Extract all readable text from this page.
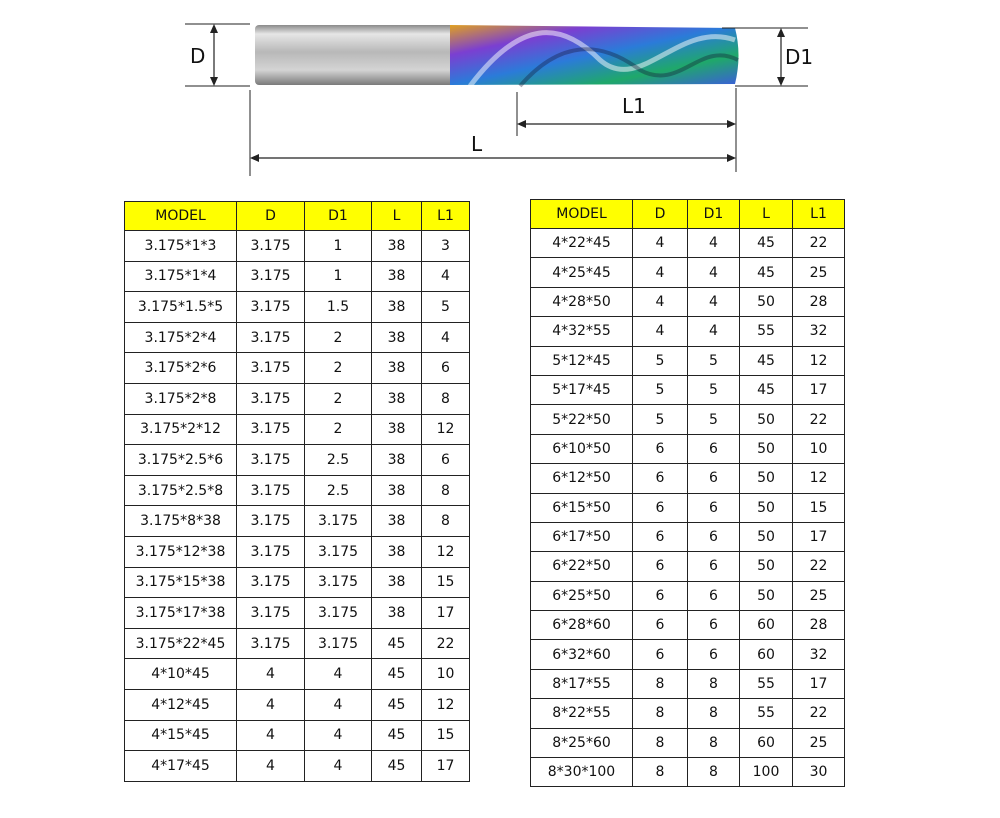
D	D1
L1
L
MODEL	D	D1	L	L1
3.175*1*3	3.175	1	38	3
3.175*1*4	3.175	1	38	4
3.175*1.5*5	3.175	1.5	38	5
3.175*2*4	3.175	2	38	4
3.175*2*6	3.175	2	38	6
3.175*2*8	3.175	2	38	8
3.175*2*12	3.175	2	38	12
3.175*2.5*6	3.175	2.5	38	6
3.175*2.5*8	3.175	2.5	38	8
3.175*8*38	3.175	3.175	38	8
3.175*12*38	3.175	3.175	38	12
3.175*15*38	3.175	3.175	38	15
3.175*17*38	3.175	3.175	38	17
3.175*22*45	3.175	3.175	45	22
4*10*45	4	4	45	10
4*12*45	4	4	45	12
4*15*45	4	4	45	15
4*17*45	4	4	45	17
MODEL	D	D1	L	L1
4*22*45	4	4	45	22
4*25*45	4	4	45	25
4*28*50	4	4	50	28
4*32*55	4	4	55	32
5*12*45	5	5	45	12
5*17*45	5	5	45	17
5*22*50	5	5	50	22
6*10*50	6	6	50	10
6*12*50	6	6	50	12
6*15*50	6	6	50	15
6*17*50	6	6	50	17
6*22*50	6	6	50	22
6*25*50	6	6	50	25
6*28*60	6	6	60	28
6*32*60	6	6	60	32
8*17*55	8	8	55	17
8*22*55	8	8	55	22
8*25*60	8	8	60	25
8*30*100	8	8	100	30
